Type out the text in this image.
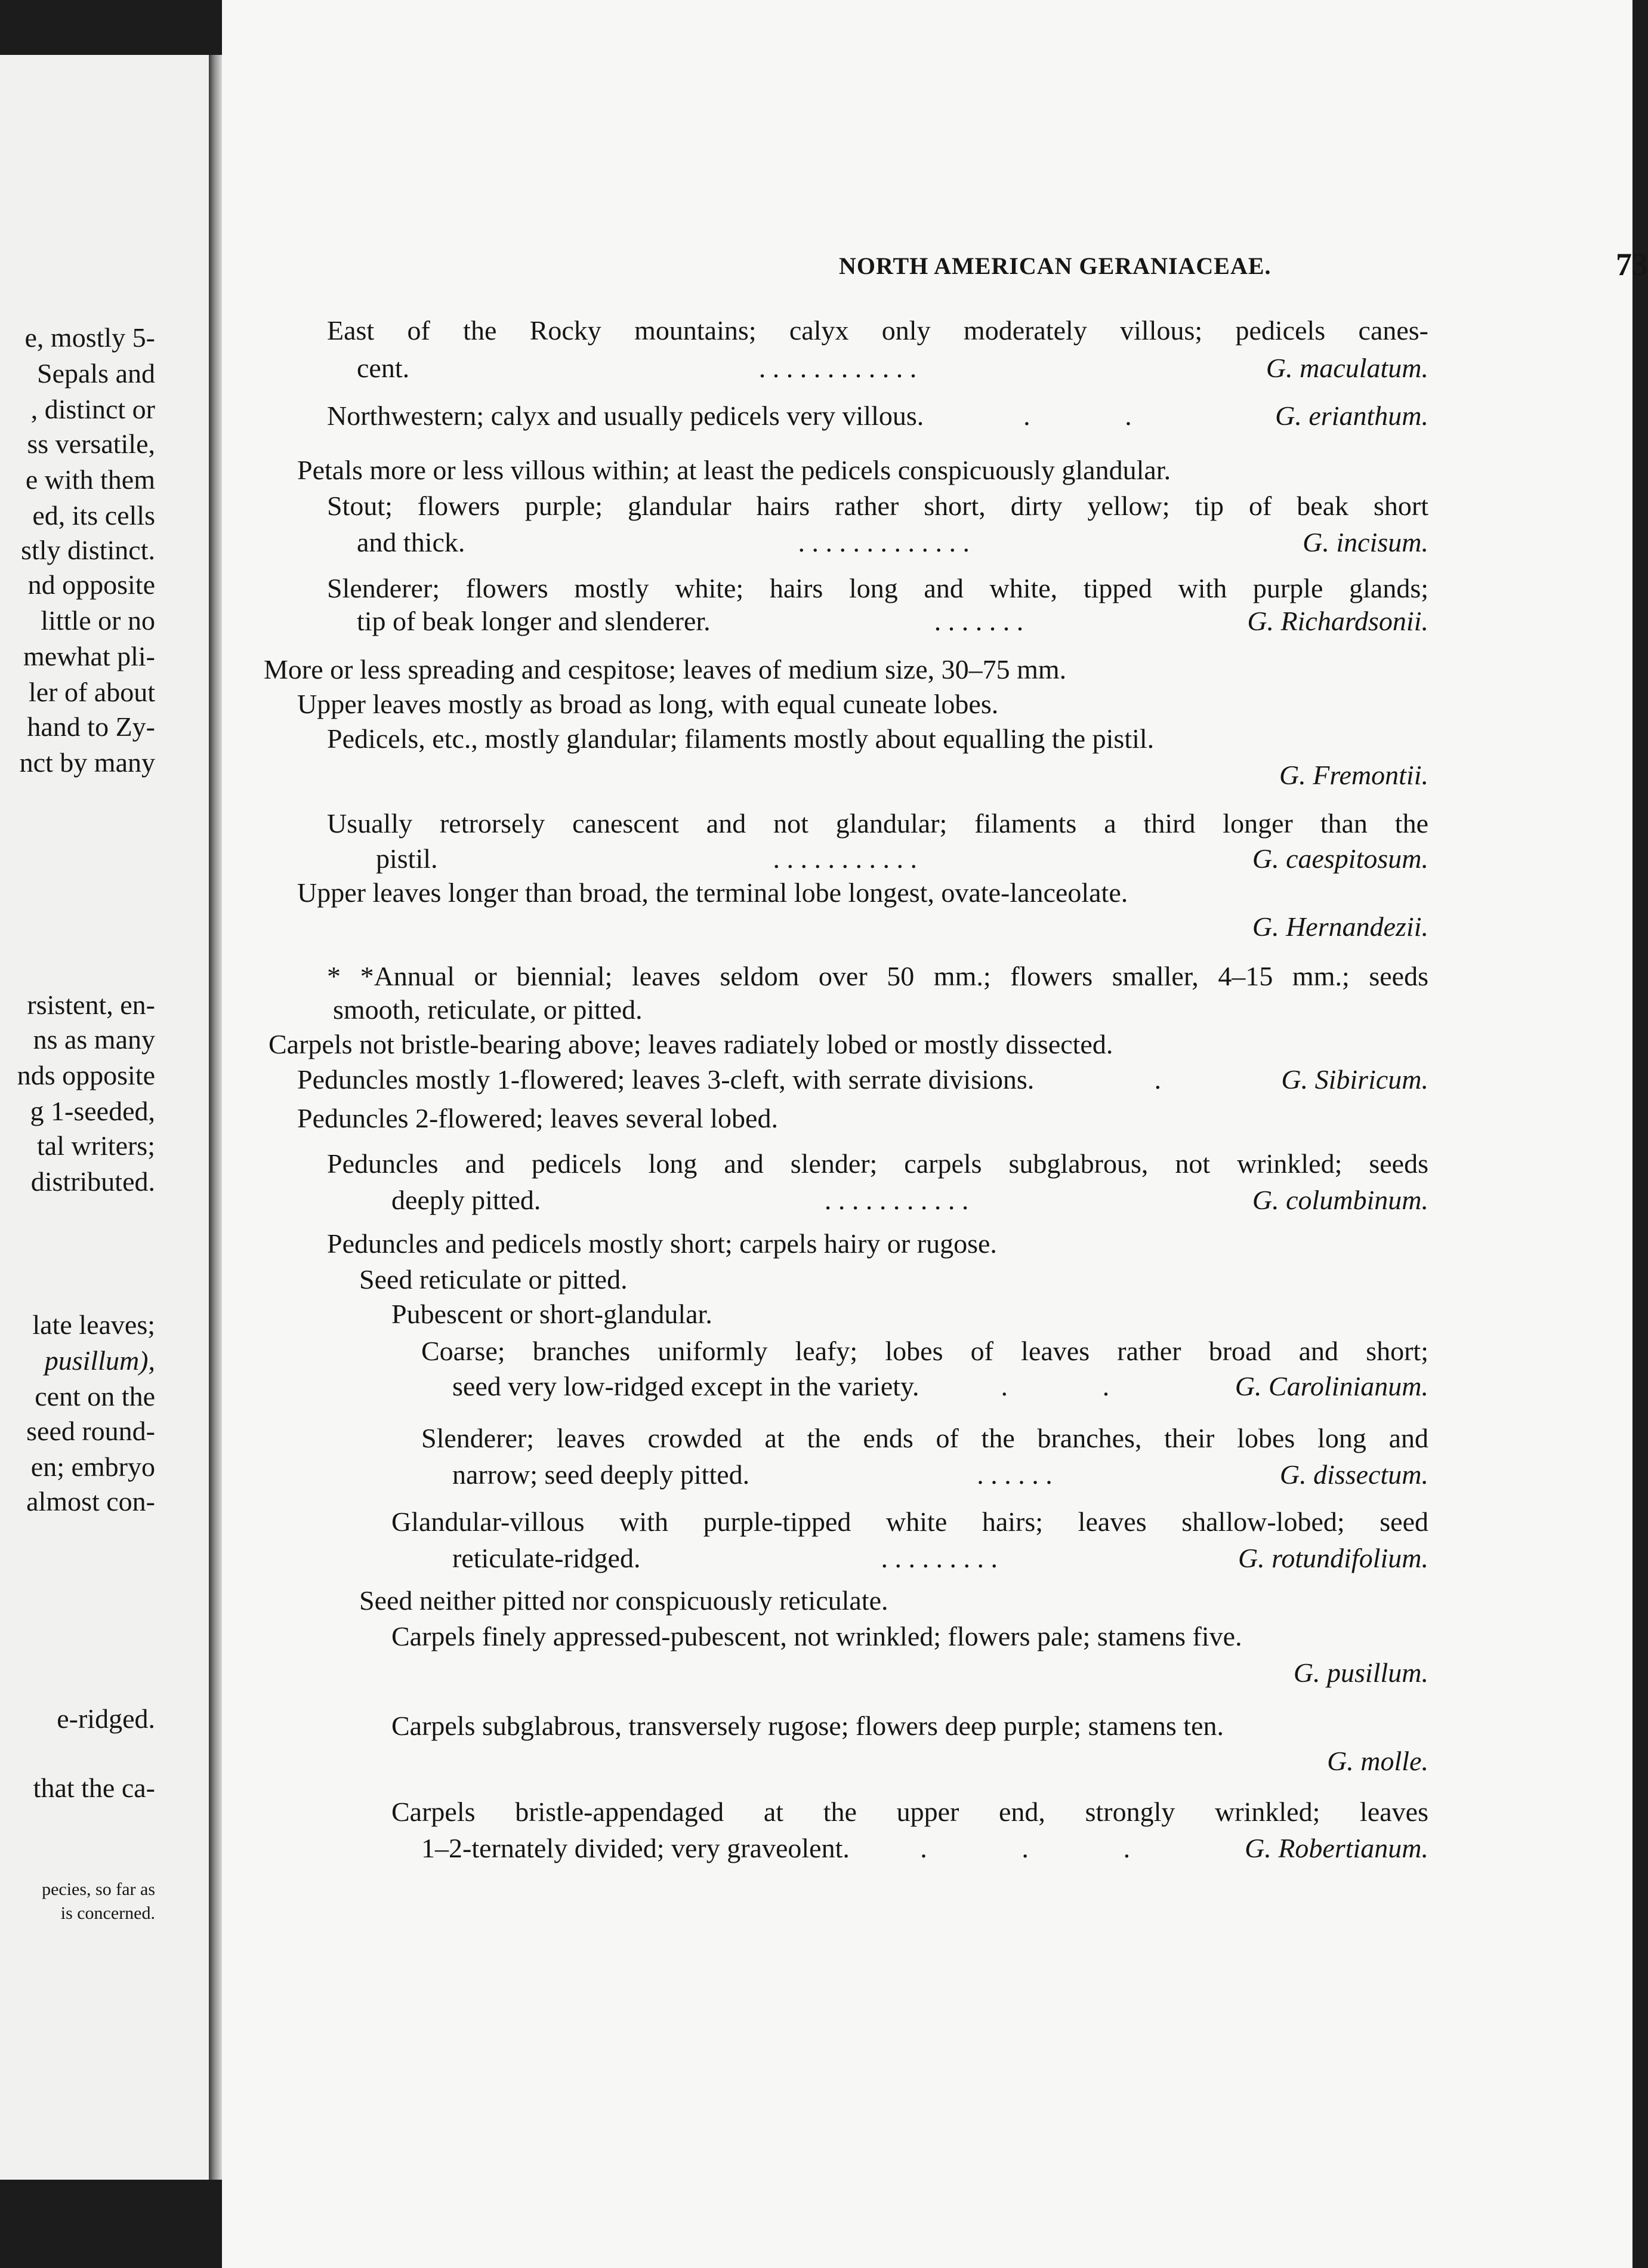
e, mostly 5-
Sepals and
, distinct or
ss versatile,
e with them
ed, its cells
stly distinct.
nd opposite
little or no
mewhat pli-
ler of about
hand to Zy-
nct by many
rsistent, en-
ns as many
nds opposite
g 1-seeded,
tal writers;
distributed.
late leaves;
pusillum),
cent on the
seed round-
en; embryo
almost con-
e-ridged.
that the ca-
pecies, so far as
is concerned.
NORTH AMERICAN GERANIACEAE.	73
East of the Rocky mountains; calyx only moderately villous; pedicels canes-
cent.	. . . . . . . . . . . .	G. maculatum.
Northwestern; calyx and usually pedicels very villous.	. .	G. erianthum.
Petals more or less villous within; at least the pedicels conspicuously glandular.
Stout; flowers purple; glandular hairs rather short, dirty yellow; tip of beak short
and thick.	. . . . . . . . . . . . .	G. incisum.
Slenderer; flowers mostly white; hairs long and white, tipped with purple glands;
tip of beak longer and slenderer.	. . . . . . .	G. Richardsonii.
More or less spreading and cespitose; leaves of medium size, 30–75 mm.
Upper leaves mostly as broad as long, with equal cuneate lobes.
Pedicels, etc., mostly glandular; filaments mostly about equalling the pistil.
G. Fremontii.
Usually retrorsely canescent and not glandular; filaments a third longer than the
pistil.	. . . . . . . . . . .	G. caespitosum.
Upper leaves longer than broad, the terminal lobe longest, ovate-lanceolate.
G. Hernandezii.
* *Annual or biennial; leaves seldom over 50 mm.; flowers smaller, 4–15 mm.; seeds
smooth, reticulate, or pitted.
Carpels not bristle-bearing above; leaves radiately lobed or mostly dissected.
Peduncles mostly 1-flowered; leaves 3-cleft, with serrate divisions.	.	G. Sibiricum.
Peduncles 2-flowered; leaves several lobed.
Peduncles and pedicels long and slender; carpels subglabrous, not wrinkled; seeds
deeply pitted.	. . . . . . . . . . .	G. columbinum.
Peduncles and pedicels mostly short; carpels hairy or rugose.
Seed reticulate or pitted.
Pubescent or short-glandular.
Coarse; branches uniformly leafy; lobes of leaves rather broad and short;
seed very low-ridged except in the variety.	. .	G. Carolinianum.
Slenderer; leaves crowded at the ends of the branches, their lobes long and
narrow; seed deeply pitted.	. . . . . .	G. dissectum.
Glandular-villous with purple-tipped white hairs; leaves shallow-lobed; seed
reticulate-ridged.	. . . . . . . . .	G. rotundifolium.
Seed neither pitted nor conspicuously reticulate.
Carpels finely appressed-pubescent, not wrinkled; flowers pale; stamens five.
G. pusillum.
Carpels subglabrous, transversely rugose; flowers deep purple; stamens ten.
G. molle.
Carpels bristle-appendaged at the upper end, strongly wrinkled; leaves
1–2-ternately divided; very graveolent.	. . .	G. Robertianum.
